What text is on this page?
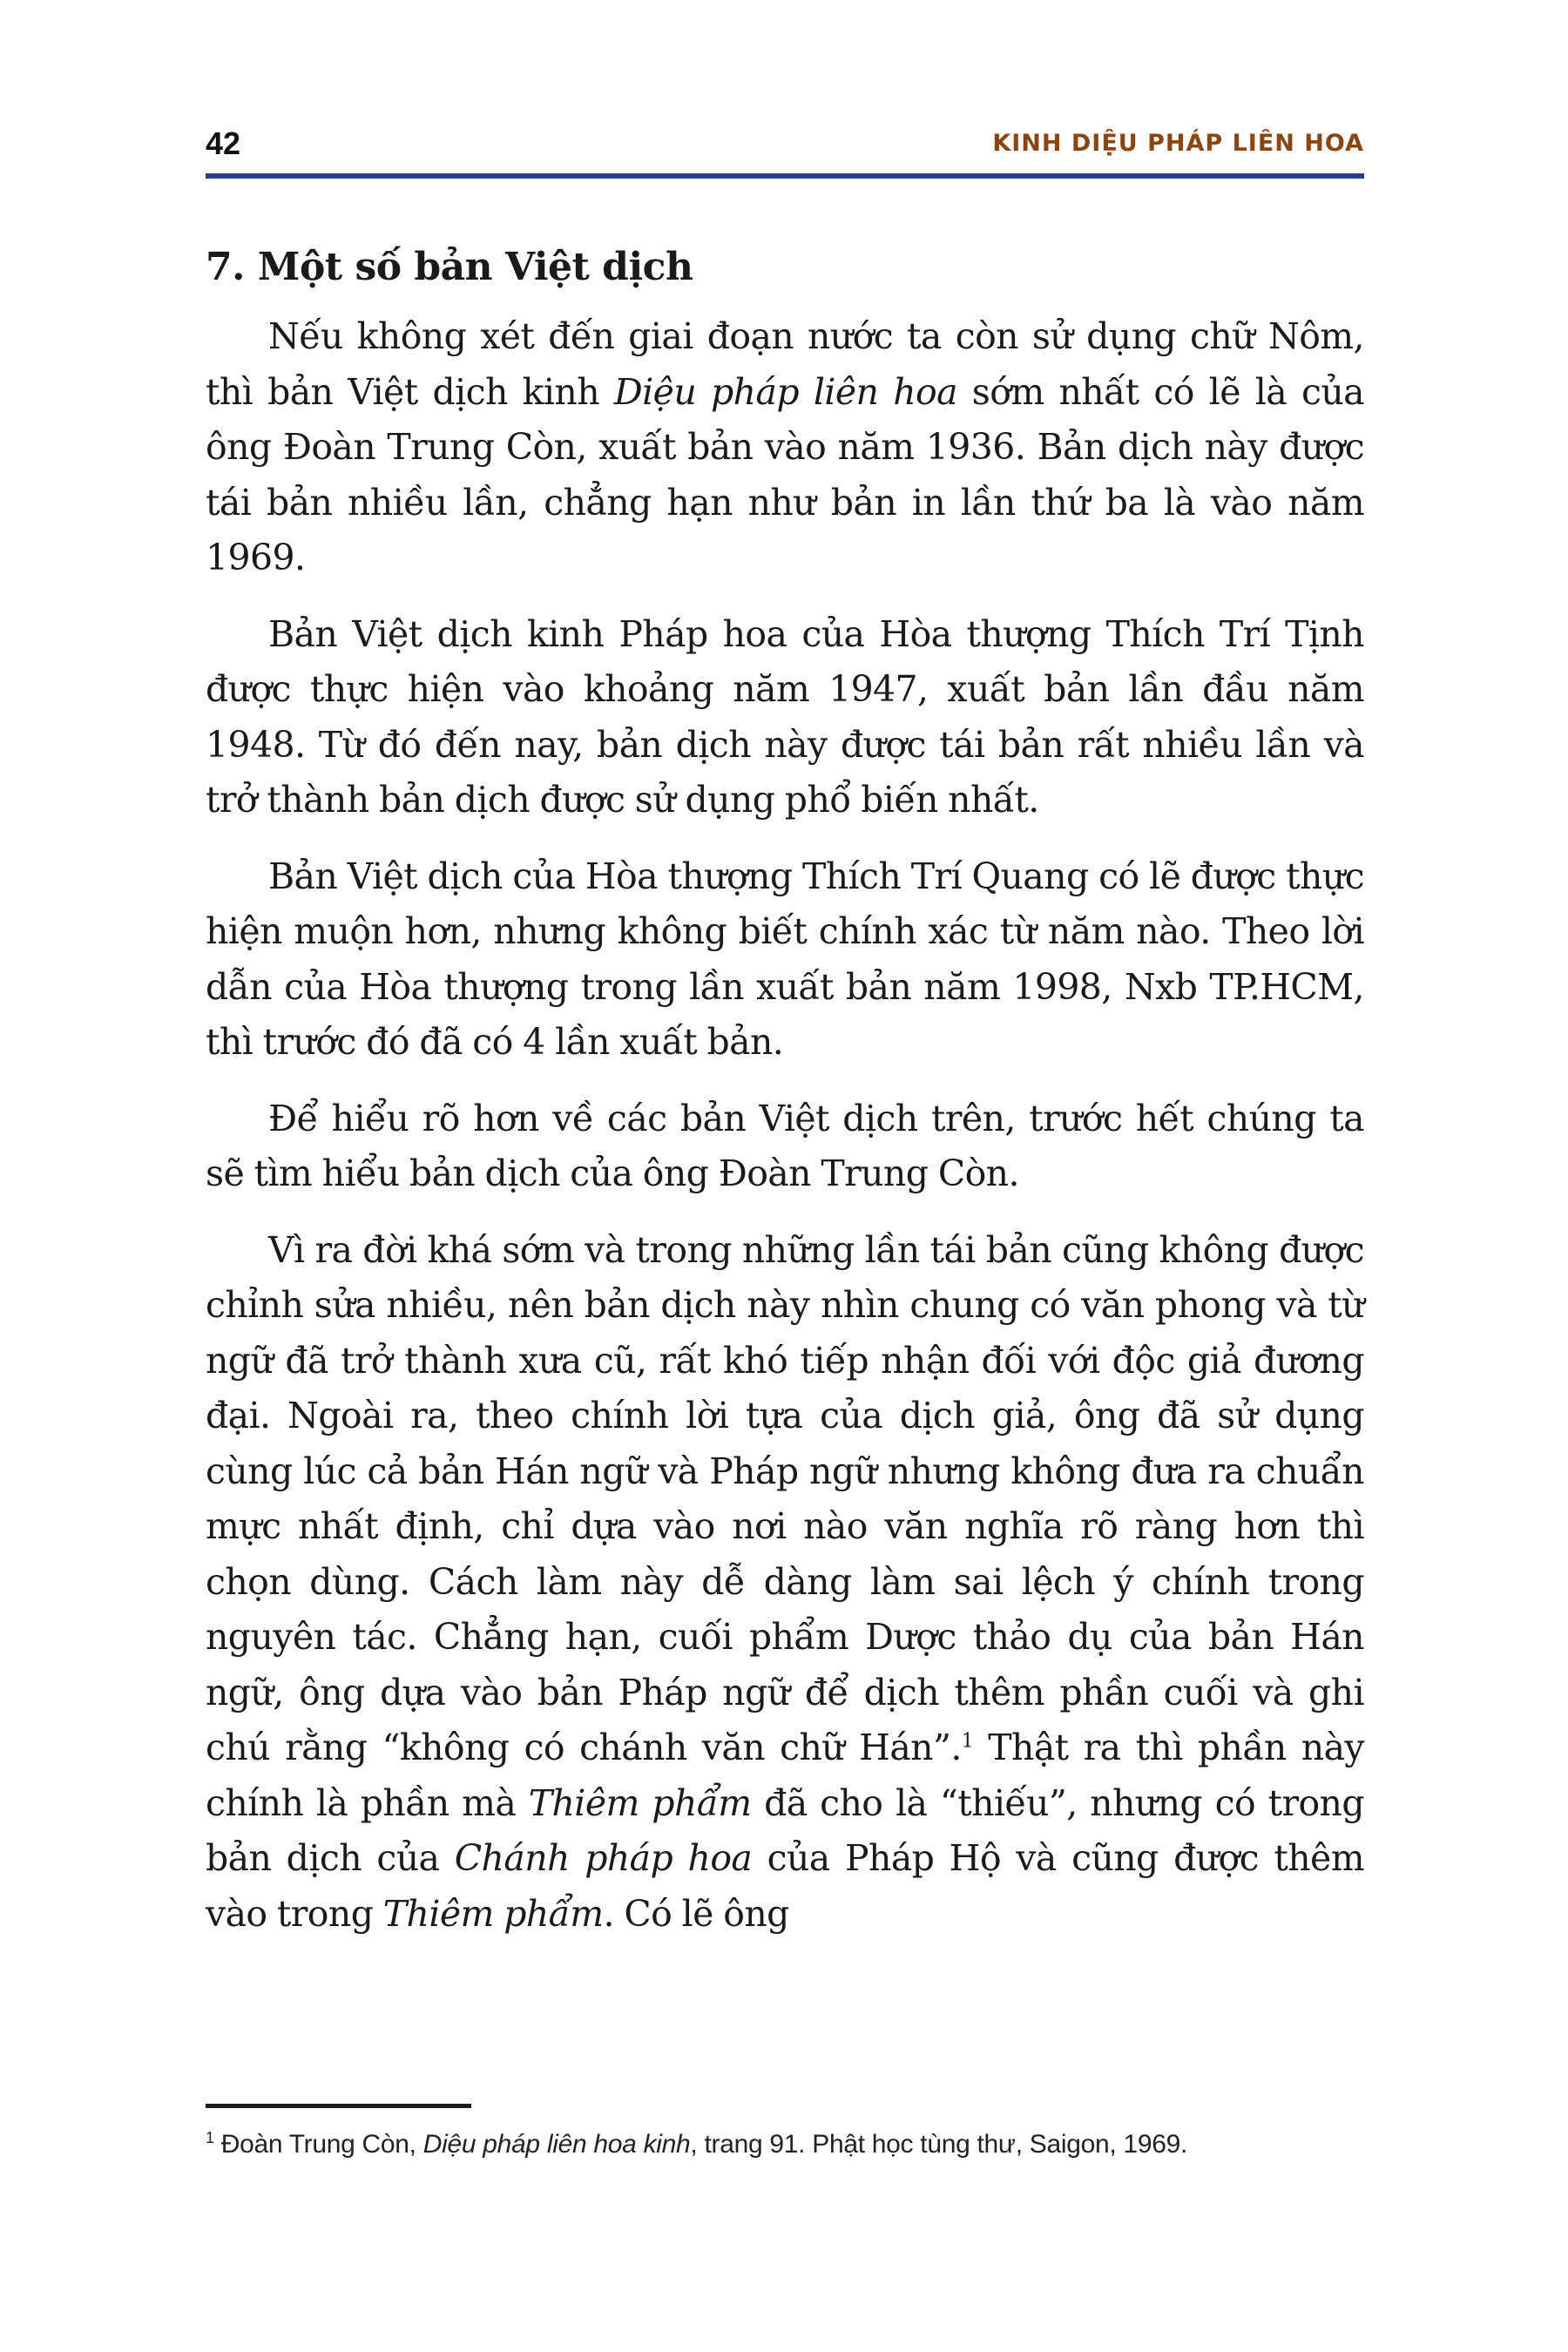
42	KINH DIỆU PHÁP LIÊN HOA
7. Một số bản Việt dịch

Nếu không xét đến giai đoạn nước ta còn sử dụng chữ Nôm, thì bản Việt dịch kinh Diệu pháp liên hoa sớm nhất có lẽ là của ông Đoàn Trung Còn, xuất bản vào năm 1936. Bản dịch này được tái bản nhiều lần, chẳng hạn như bản in lần thứ ba là vào năm 1969.

Bản Việt dịch kinh Pháp hoa của Hòa thượng Thích Trí Tịnh được thực hiện vào khoảng năm 1947, xuất bản lần đầu năm 1948. Từ đó đến nay, bản dịch này được tái bản rất nhiều lần và trở thành bản dịch được sử dụng phổ biến nhất.

Bản Việt dịch của Hòa thượng Thích Trí Quang có lẽ được thực hiện muộn hơn, nhưng không biết chính xác từ năm nào. Theo lời dẫn của Hòa thượng trong lần xuất bản năm 1998, Nxb TP.HCM, thì trước đó đã có 4 lần xuất bản.

Để hiểu rõ hơn về các bản Việt dịch trên, trước hết chúng ta sẽ tìm hiểu bản dịch của ông Đoàn Trung Còn.

Vì ra đời khá sớm và trong những lần tái bản cũng không được chỉnh sửa nhiều, nên bản dịch này nhìn chung có văn phong và từ ngữ đã trở thành xưa cũ, rất khó tiếp nhận đối với độc giả đương đại. Ngoài ra, theo chính lời tựa của dịch giả, ông đã sử dụng cùng lúc cả bản Hán ngữ và Pháp ngữ nhưng không đưa ra chuẩn mực nhất định, chỉ dựa vào nơi nào văn nghĩa rõ ràng hơn thì chọn dùng. Cách làm này dễ dàng làm sai lệch ý chính trong nguyên tác. Chẳng hạn, cuối phẩm Dược thảo dụ của bản Hán ngữ, ông dựa vào bản Pháp ngữ để dịch thêm phần cuối và ghi chú rằng “không có chánh văn chữ Hán”.$^1$ Thật ra thì phần này chính là phần mà Thiêm phẩm đã cho là “thiếu”, nhưng có trong bản dịch của Chánh pháp hoa của Pháp Hộ và cũng được thêm vào trong Thiêm phẩm. Có lẽ ông

$^1$ Đoàn Trung Còn, Diệu pháp liên hoa kinh, trang 91. Phật học tùng thư, Saigon, 1969.
